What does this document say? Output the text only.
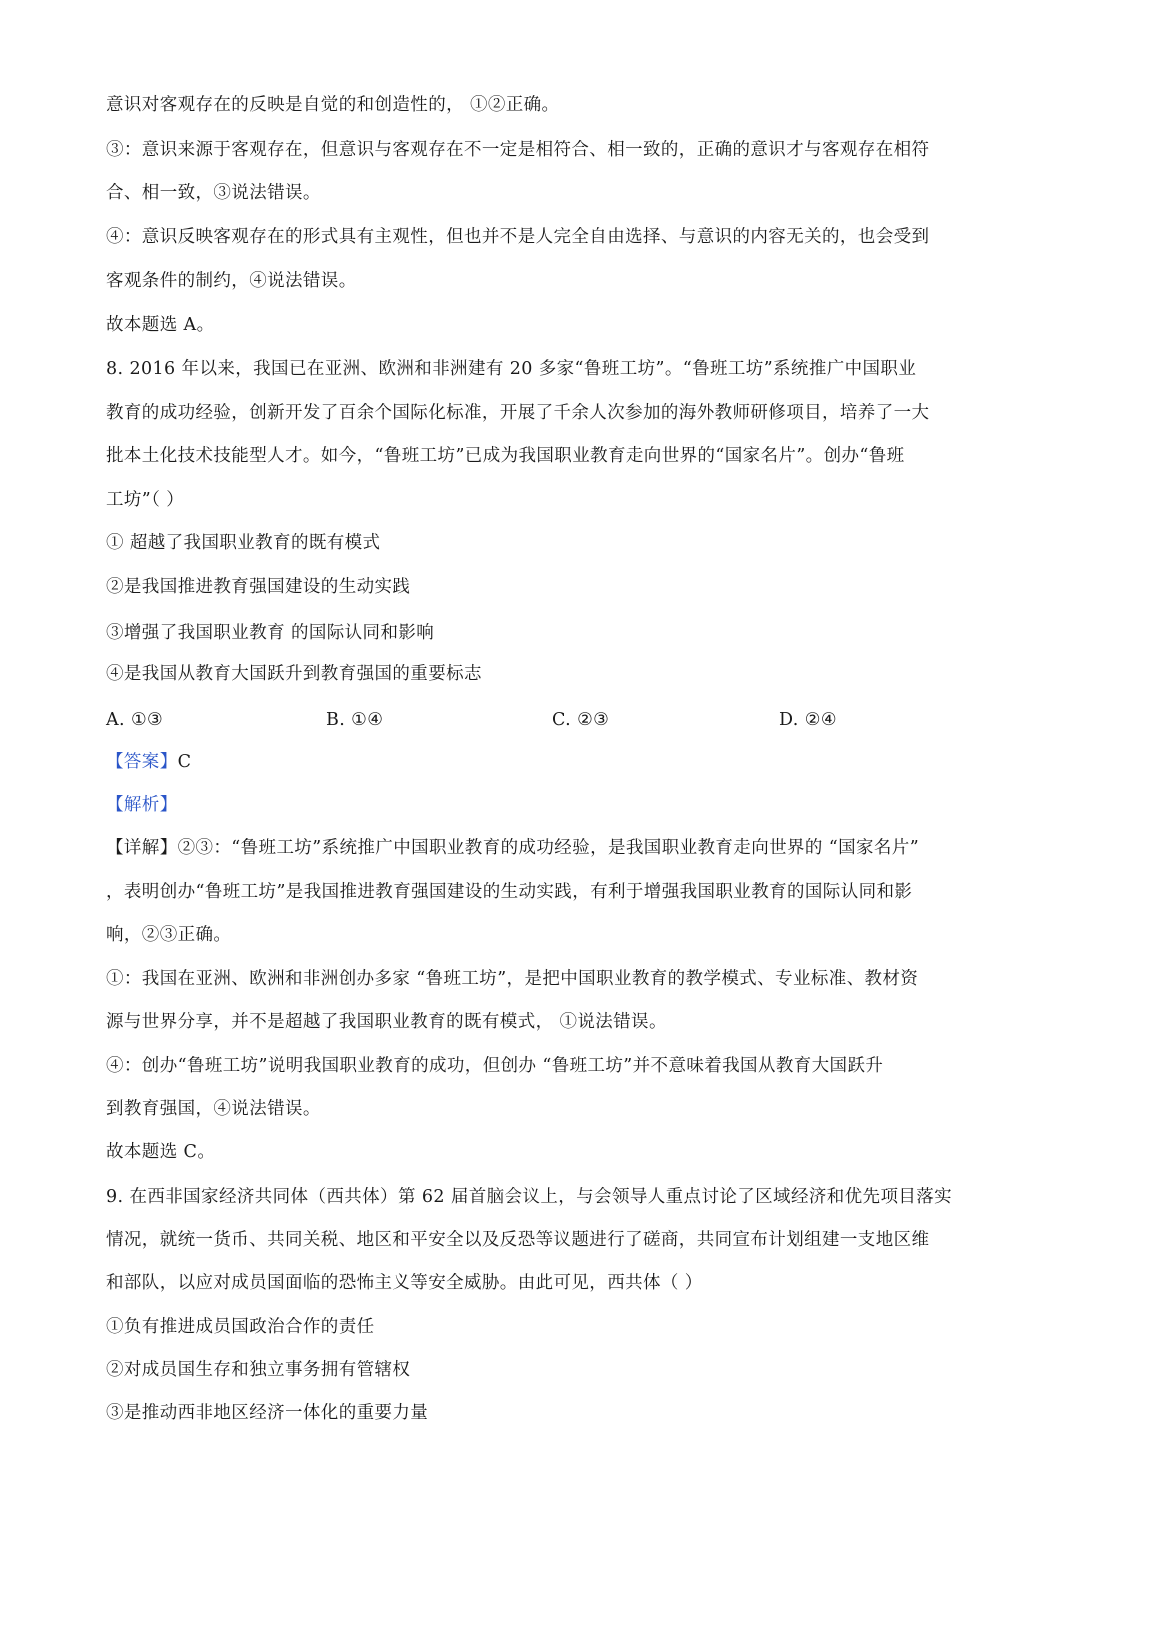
意识对客观存在的反映是自觉的和创造性的， ①②正确。
③：意识来源于客观存在，但意识与客观存在不一定是相符合、相一致的，正确的意识才与客观存在相符
合、相一致，③说法错误。
④：意识反映客观存在的形式具有主观性，但也并不是人完全自由选择、与意识的内容无关的，也会受到
客观条件的制约，④说法错误。
故本题选 A。
8. 2016 年以来，我国已在亚洲、欧洲和非洲建有 20 多家“鲁班工坊”。“鲁班工坊”系统推广中国职业
教育的成功经验，创新开发了百余个国际化标准，开展了千余人次参加的海外教师研修项目，培养了一大
批本土化技术技能型人才。如今，“鲁班工坊”已成为我国职业教育走向世界的“国家名片”。创办“鲁班
工坊”（ ）
① 超越了我国职业教育的既有模式
②是我国推进教育强国建设的生动实践
③增强了我国职业教育 的国际认同和影响
④是我国从教育大国跃升到教育强国的重要标志
A. ①③	B. ①④	C. ②③	D. ②④
【答案】C
【解析】
【详解】②③：“鲁班工坊”系统推广中国职业教育的成功经验，是我国职业教育走向世界的 “国家名片”
，表明创办“鲁班工坊”是我国推进教育强国建设的生动实践，有利于增强我国职业教育的国际认同和影
响，②③正确。
①：我国在亚洲、欧洲和非洲创办多家 “鲁班工坊”，是把中国职业教育的教学模式、专业标准、教材资
源与世界分享，并不是超越了我国职业教育的既有模式， ①说法错误。
④：创办“鲁班工坊”说明我国职业教育的成功，但创办 “鲁班工坊”并不意味着我国从教育大国跃升
到教育强国，④说法错误。
故本题选 C。
9. 在西非国家经济共同体（西共体）第 62 届首脑会议上，与会领导人重点讨论了区域经济和优先项目落实
情况，就统一货币、共同关税、地区和平安全以及反恐等议题进行了磋商，共同宣布计划组建一支地区维
和部队，以应对成员国面临的恐怖主义等安全威胁。由此可见，西共体（ ）
①负有推进成员国政治合作的责任
②对成员国生存和独立事务拥有管辖权
③是推动西非地区经济一体化的重要力量
